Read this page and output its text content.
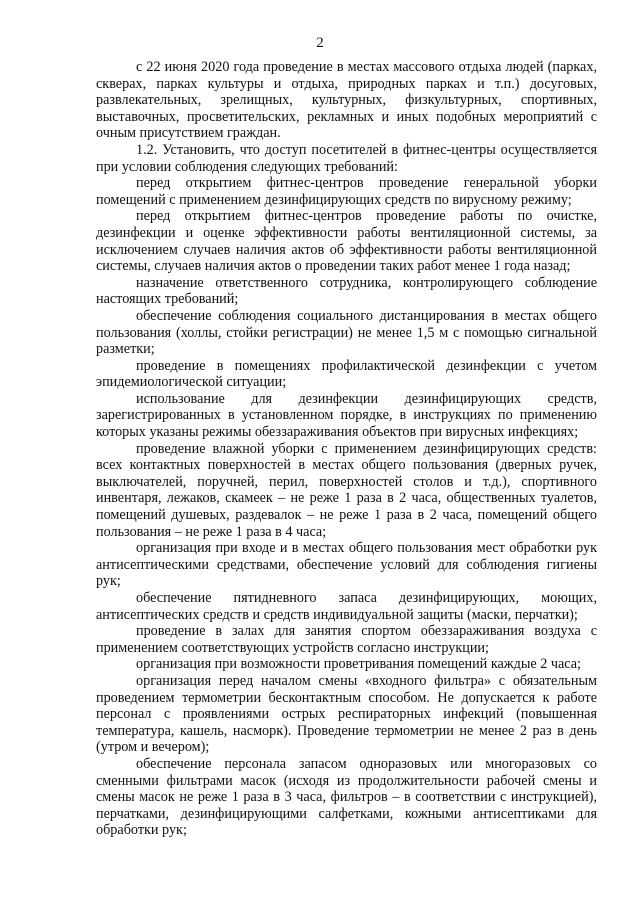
2

с 22 июня 2020 года проведение в местах массового отдыха людей (парках, скверах, парках культуры и отдыха, природных парках и т.п.) досуговых, развлекательных, зрелищных, культурных, физкультурных, спортивных, выставочных, просветительских, рекламных и иных подобных мероприятий с очным присутствием граждан.

1.2. Установить, что доступ посетителей в фитнес-центры осуществляется при условии соблюдения следующих требований:

перед открытием фитнес-центров проведение генеральной уборки помещений с применением дезинфицирующих средств по вирусному режиму;

перед открытием фитнес-центров проведение работы по очистке, дезинфекции и оценке эффективности работы вентиляционной системы, за исключением случаев наличия актов об эффективности работы вентиляционной системы, случаев наличия актов о проведении таких работ менее 1 года назад;

назначение ответственного сотрудника, контролирующего соблюдение настоящих требований;

обеспечение соблюдения социального дистанцирования в местах общего пользования (холлы, стойки регистрации) не менее 1,5 м с помощью сигнальной разметки;

проведение в помещениях профилактической дезинфекции с учетом эпидемиологической ситуации;

использование для дезинфекции дезинфицирующих средств, зарегистрированных в установленном порядке, в инструкциях по применению которых указаны режимы обеззараживания объектов при вирусных инфекциях;

проведение влажной уборки с применением дезинфицирующих средств: всех контактных поверхностей в местах общего пользования (дверных ручек, выключателей, поручней, перил, поверхностей столов и т.д.), спортивного инвентаря, лежаков, скамеек – не реже 1 раза в 2 часа, общественных туалетов, помещений душевых, раздевалок – не реже 1 раза в 2 часа, помещений общего пользования – не реже 1 раза в 4 часа;

организация при входе и в местах общего пользования мест обработки рук антисептическими средствами, обеспечение условий для соблюдения гигиены рук;

обеспечение пятидневного запаса дезинфицирующих, моющих, антисептических средств и средств индивидуальной защиты (маски, перчатки);

проведение в залах для занятия спортом обеззараживания воздуха с применением соответствующих устройств согласно инструкции;

организация при возможности проветривания помещений каждые 2 часа;

организация перед началом смены «входного фильтра» с обязательным проведением термометрии бесконтактным способом. Не допускается к работе персонал с проявлениями острых респираторных инфекций (повышенная температура, кашель, насморк). Проведение термометрии не менее 2 раз в день (утром и вечером);

обеспечение персонала запасом одноразовых или многоразовых со сменными фильтрами масок (исходя из продолжительности рабочей смены и смены масок не реже 1 раза в 3 часа, фильтров – в соответствии с инструкцией), перчатками, дезинфицирующими салфетками, кожными антисептиками для обработки рук;
